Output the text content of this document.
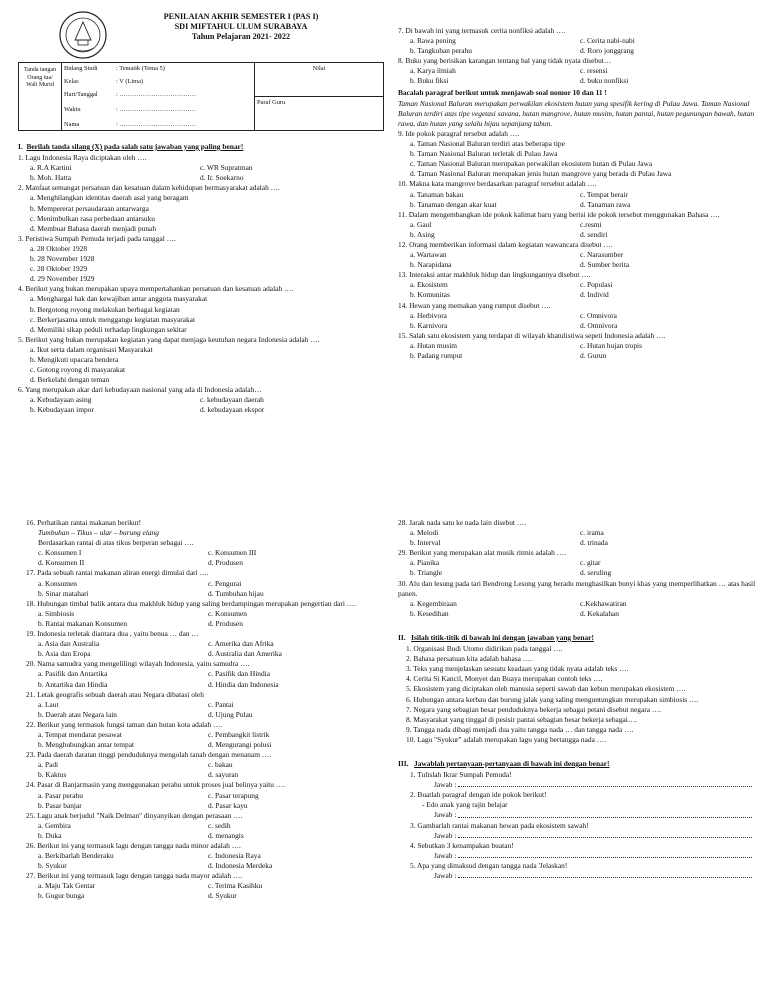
PENILAIAN AKHIR SEMESTER I (PAS I)
SDI MIFTAHUL ULUM SURABAYA
Tahun Pelajaran 2021- 2022
Tanda tangan Orang tua/ Wali Murid	
Bidang Studi	: Tematik (Tema 5)
Kelas	: V (Lima)
Hari/Tanggal	: ………………………………
Waktu	: ………………………………
Nama	: ………………………………
	Nilai
Paraf Guru
I. Berilah tanda silang (X) pada salah satu jawaban yang paling benar!
1. Lagu Indonesia Raya diciptakan oleh ….
a. R.A Kartini	c. WR Supratman
b. Moh. Hatta	d. Ir. Soekarno
2. Manfaat semangat persatuan dan kesatuan dalam kehidupan bermasyarakat adalah ….
a. Menghilangkan identitas daerah asal yang beragam
b. Mempererat persaudaraan antarwarga
c. Menimbulkan rasa perbedaan antarsuku
d. Membuat Bahasa daerah menjadi punah
3. Peristiwa Sumpah Pemuda terjadi pada tanggal ….
a. 28 Oktober 1928
b. 28 November 1928
c. 28 Oktober 1929
d. 29 November 1929
4. Berikut yang bukan merupakan upaya mempertahankan persatuan dan kesatuan adalah ….
a. Menghargai hak dan kewajiban antar anggota masyarakat
b. Bergotong royong melakukan berbagai kegiatan
c. Berkerjasama untuk menggangu kegiatan masyarakat
d. Memiliki sikap peduli terhadap lingkungan sekitar
5. Berikut yang bukan merupakan kegiatan yang dapat menjaga keutuhan negara Indonesia adalah ….
a. Ikut serta dalam organisasi Masyarakat
b. Mengikuti upacara bendera
c. Gotong royong di masyarakat
d. Berkelahi dengan teman
6. Yang merupakan akar dari kebudayaan nasional yang ada di Indonesia adalah…
a. Kebudayaan asing	c. kebudayaan daerah
b. Kebudayaan impor	d. kebudayaan ekspor
7. Di bawah ini yang termasuk cerita nonfiksi adalah ….
a. Rawa pening	c. Cerita nabi-nabi
b. Tangkuban perahu	d. Roro jonggrang
8. Buku yang berisikan karangan tentang hal yang tidak nyata disebut…
a. Karya ilmiah	c. resensi
b. Buku fiksi	d. buku nonfiksi
Bacalah paragraf berikut untuk menjawab soal nomor 10 dan 11 !
Taman Nasional Baluran merupakan perwakilan ekosistem hutan yang spesifik kering di Pulau Jawa. Taman Nasional Baluran terdiri atas tipe vegetasi savana, hutan mangrove, hutan musim, hutan pantai, hutan pegunungan bawah, hutan rawa, dan hutan yang selalu hijau sepanjang tahun.
9. Ide pokok paragraf tersebut adalah ….
a. Taman Nasional Baluran terdiri atas beberapa tipe
b. Taman Nasional Baluran terletak di Pulau Jawa
c. Taman Nasional Baluran merupakan perwakilan ekosistem hutan di Pulau Jawa
d. Taman Nasional Baluran merupakan jenis hutan mangrove yang berada di Pulau Jawa
10. Makna kata mangrove berdasarkan paragraf tersebut adalah ….
a. Tanaman bakau	c. Tempat berair
b. Tanaman dengan akar kuat	d. Tanaman rawa
11. Dalam mengembangkan ide pokok kalimat baru yang berisi ide pokok tersebut menggunakan Bahasa ….
a. Gaul	c.resmi
b. Asing	d. sendiri
12. Orang memberikan informasi dalam kegiatan wawancara disebut ….
a. Wartawan	c. Narasumber
b. Narapidana	d. Sumber berita
13. Interaksi antar makhluk hidup dan lingkungannya disebut ….
a. Ekosistem	c. Populasi
b. Komunitas	d. Individ
14. Hewan yang memakan yang rumput disebut ….
a. Herbivora	c. Omnivora
b. Karnivora	d. Omnivora
15. Salah satu ekosistem yang terdapat di wilayah khatulistiwa sepeti Indonesia adalah ….
a. Hutan musim	c. Hutan hujan tropis
b. Padang rumput	d. Gurun
16. Perhatikan rantai makanan berikut!
Tumbuhan – Tikus – ular – burung elang
Berdasarkan rantai di atas tikus berperan sebagai ….
c. Konsumen I	c. Konsumen III
d. Konsumen II	d. Produsen
17. Pada sebuah rantai makanan aliran energi dimulai dari ….
a. Konsumen	c. Pengurai
b. Sinar matahari	d. Tumbuhan hijau
18. Hubungan timbal balik antara dua makhluk hidup yang saling berdampingan merupakan pengertian dari ….
a. Simbiosis	c. Konsumen
b. Rantai makanan Konsumen	d. Produsen
19. Indonesia terletak diantara dua , yaitu benua … dan …
a. Asia dan Australia	c. Amerika dan Afrika
b. Asia dan Eropa	d. Australia dan Amerika
20. Nama samudra yang mengelilingi wilayah Indonesia, yaitu samudra ….
a. Pasifik dan Antartika	c. Pasifik dan Hindia
b. Antartika dan Hindia	d. Hindia dan Indonesia
21. Letak geografis sebuah daerah atau Negara dibatasi oleh
a. Laut	c. Pantai
b. Daerah atau Negara lain	d. Ujung Pulau
22. Berikut yang termasuk fungsi taman dan hutan kota adalah ….
a. Tempat mendarat pesawat	c. Pembangkit listrik
b. Menghubungkan antar tempat	d. Mengurangi polusi
23. Pada daerah daratan tinggi penduduknya mengolah tanah dengan menanam ….
a. Padi	c. bakau
b. Kaktus	d. sayuran
24. Pasar di Banjarmasin yang menggunakan perahu untuk proses jual belinya yaitu ….
a. Pasar perahu	c. Pasar terapung
b. Pasar banjar	d. Pasar kayu
25. Lagu anak berjudul "Naik Delman" dinyanyikan dengan perasaan ….
a. Gembira	c. sedih
b. Duka	d. menangis
26. Berikut ini yang termasuk lagu dengan tangga nada minor adalah ….
a. Berkibarlah Benderaku	c. Indonesia Raya
b. Syukur	d. Indonesia Merdeka
27. Berikut ini yang termasuk lagu dengan tangga nada mayor adalah ….
a. Maju Tak Gentar	c. Terima Kasihku
b. Gugur bunga	d. Syukur
28. Jarak nada satu ke nada lain disebut ….
a. Melodi	c. irama
b. Interval	d. trinada
29. Berikut yang merupakan alat musik ritmis adalah ….
a. Pianika	c. gitar
b. Triangle	d. seruling
30. Alu dan lesung pada tari Bendrong Lesung yang beradu menghasilkan bunyi khas yang memperlihatkan … atas hasil panen.
a. Kegembiraan	c.Kekhawatiran
b. Kesedihan	d. Kekalahan
II. Isilah titik-titik di bawah ini dengan jawaban yang benar!
1. Organisasi Budi Utomo didirikan pada tanggal ….
2. Bahasa persatuan kita adalah bahasa ….
3. Teks yang menjelaskan sesuatu keadaan yang tidak nyata adalah teks ….
4. Cerita Si Kancil, Monyet dan Buaya merupakan contoh teks ….
5. Ekosistem yang diciptakan oleh manusia seperti sawah dan kebun merupakan ekosistem ….
6. Hubungan antara kerbau dan burung jalak yang saling menguntungkan merupakan simbiosis ….
7. Negara yang sebagian besar penduduknya bekerja sebagai petani disebut negara ….
8. Masyarakat yang tinggal di pesisir pantai sebagian besar bekerja sebagai….
9. Tangga nada dibagi menjadi dua yaitu tangga nada … dan tangga nada ….
10. Lagu "Syukur" adalah merupakan lagu yang bertangga nada ….
III. Jawablah pertanyaan-pertanyaan di bawah ini dengan benar!
1. Tulislah Ikrar Sumpah Pemuda!
Jawab :
2. Buatlah paragraf dengan ide pokok berikut!
- Edo anak yang rajin belajar
Jawab :
3. Gambarlah rantai makanan hewan pada ekosistem sawah!
Jawab :
4. Sebutkan 3 kenampakan buatan!
Jawab :
5. Apa yang dimaksud dengan tangga nada 'Jelaskan!
Jawab :
